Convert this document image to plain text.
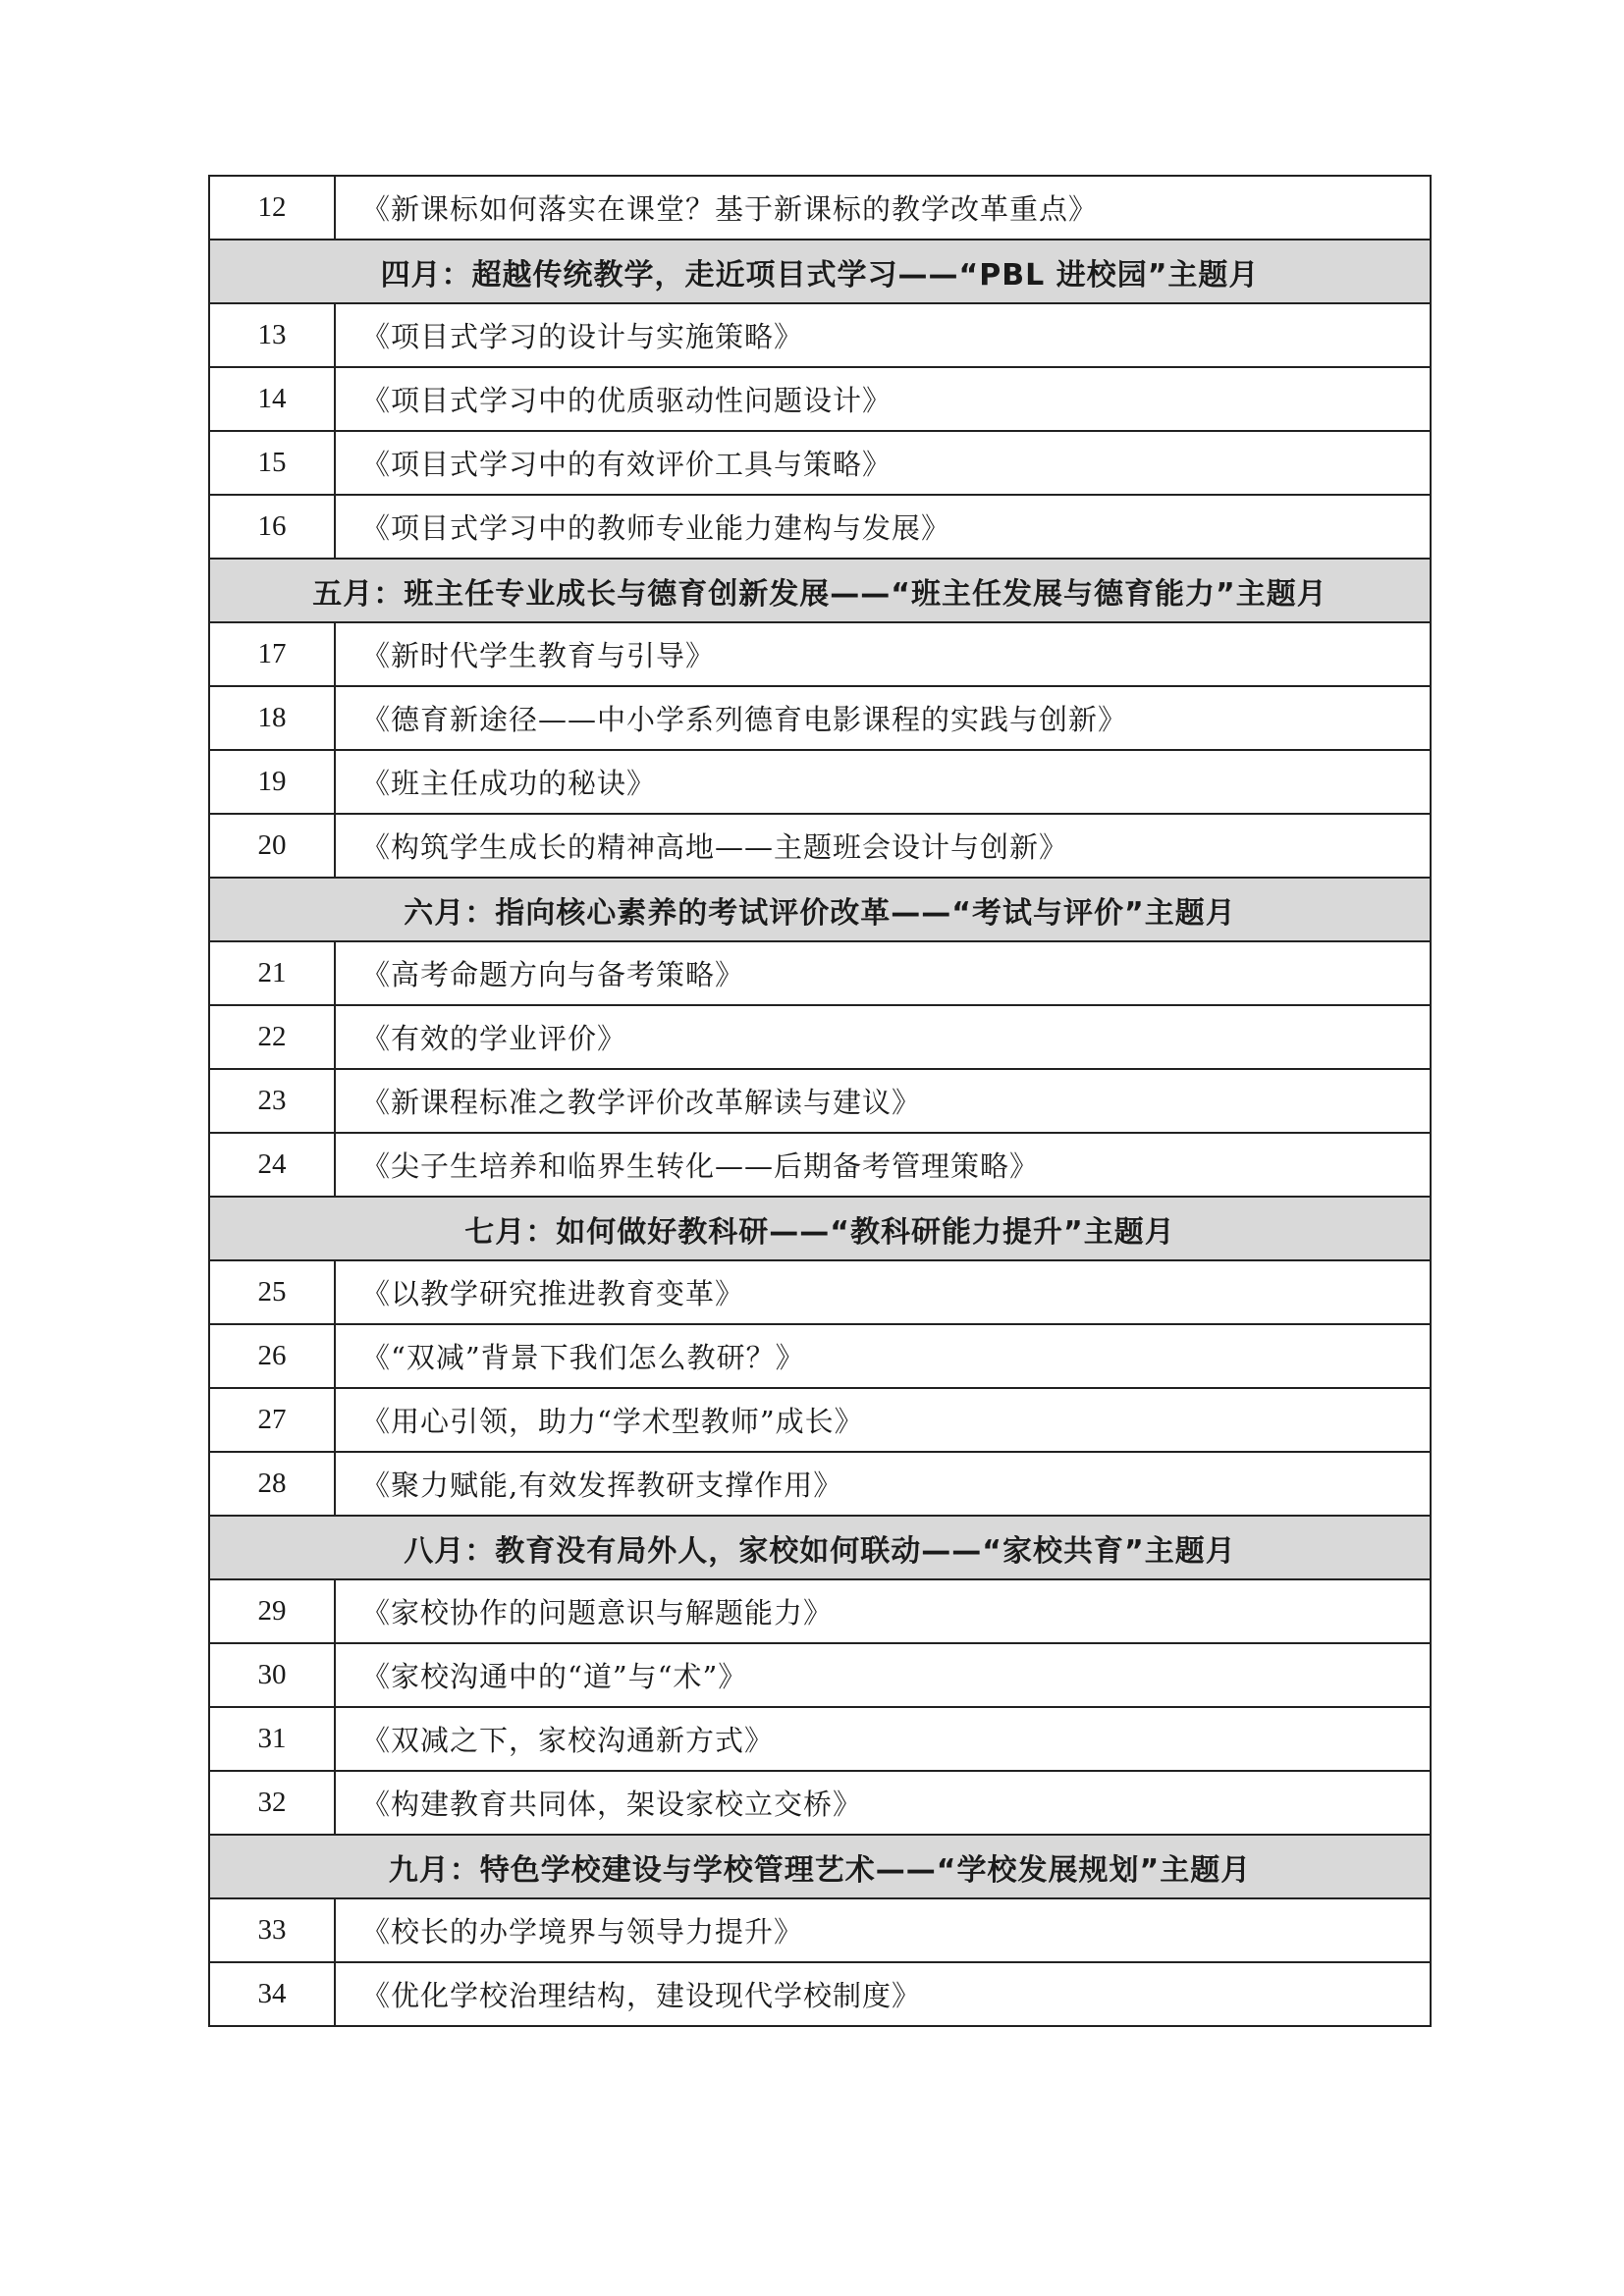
12	《新课标如何落实在课堂？基于新课标的教学改革重点》
四月：超越传统教学，走近项目式学习——“PBL 进校园”主题月	
13	《项目式学习的设计与实施策略》
14	《项目式学习中的优质驱动性问题设计》
15	《项目式学习中的有效评价工具与策略》
16	《项目式学习中的教师专业能力建构与发展》
五月：班主任专业成长与德育创新发展——“班主任发展与德育能力”主题月	
17	《新时代学生教育与引导》
18	《德育新途径——中小学系列德育电影课程的实践与创新》
19	《班主任成功的秘诀》
20	《构筑学生成长的精神高地——主题班会设计与创新》
六月：指向核心素养的考试评价改革——“考试与评价”主题月	
21	《高考命题方向与备考策略》
22	《有效的学业评价》
23	《新课程标准之教学评价改革解读与建议》
24	《尖子生培养和临界生转化——后期备考管理策略》
七月：如何做好教科研——“教科研能力提升”主题月	
25	《以教学研究推进教育变革》
26	《“双减”背景下我们怎么教研？》
27	《用心引领，助力“学术型教师”成长》
28	《聚力赋能,有效发挥教研支撑作用》
八月：教育没有局外人，家校如何联动——“家校共育”主题月	
29	《家校协作的问题意识与解题能力》
30	《家校沟通中的“道”与“术”》
31	《双减之下，家校沟通新方式》
32	《构建教育共同体，架设家校立交桥》
九月：特色学校建设与学校管理艺术——“学校发展规划”主题月	
33	《校长的办学境界与领导力提升》
34	《优化学校治理结构，建设现代学校制度》
